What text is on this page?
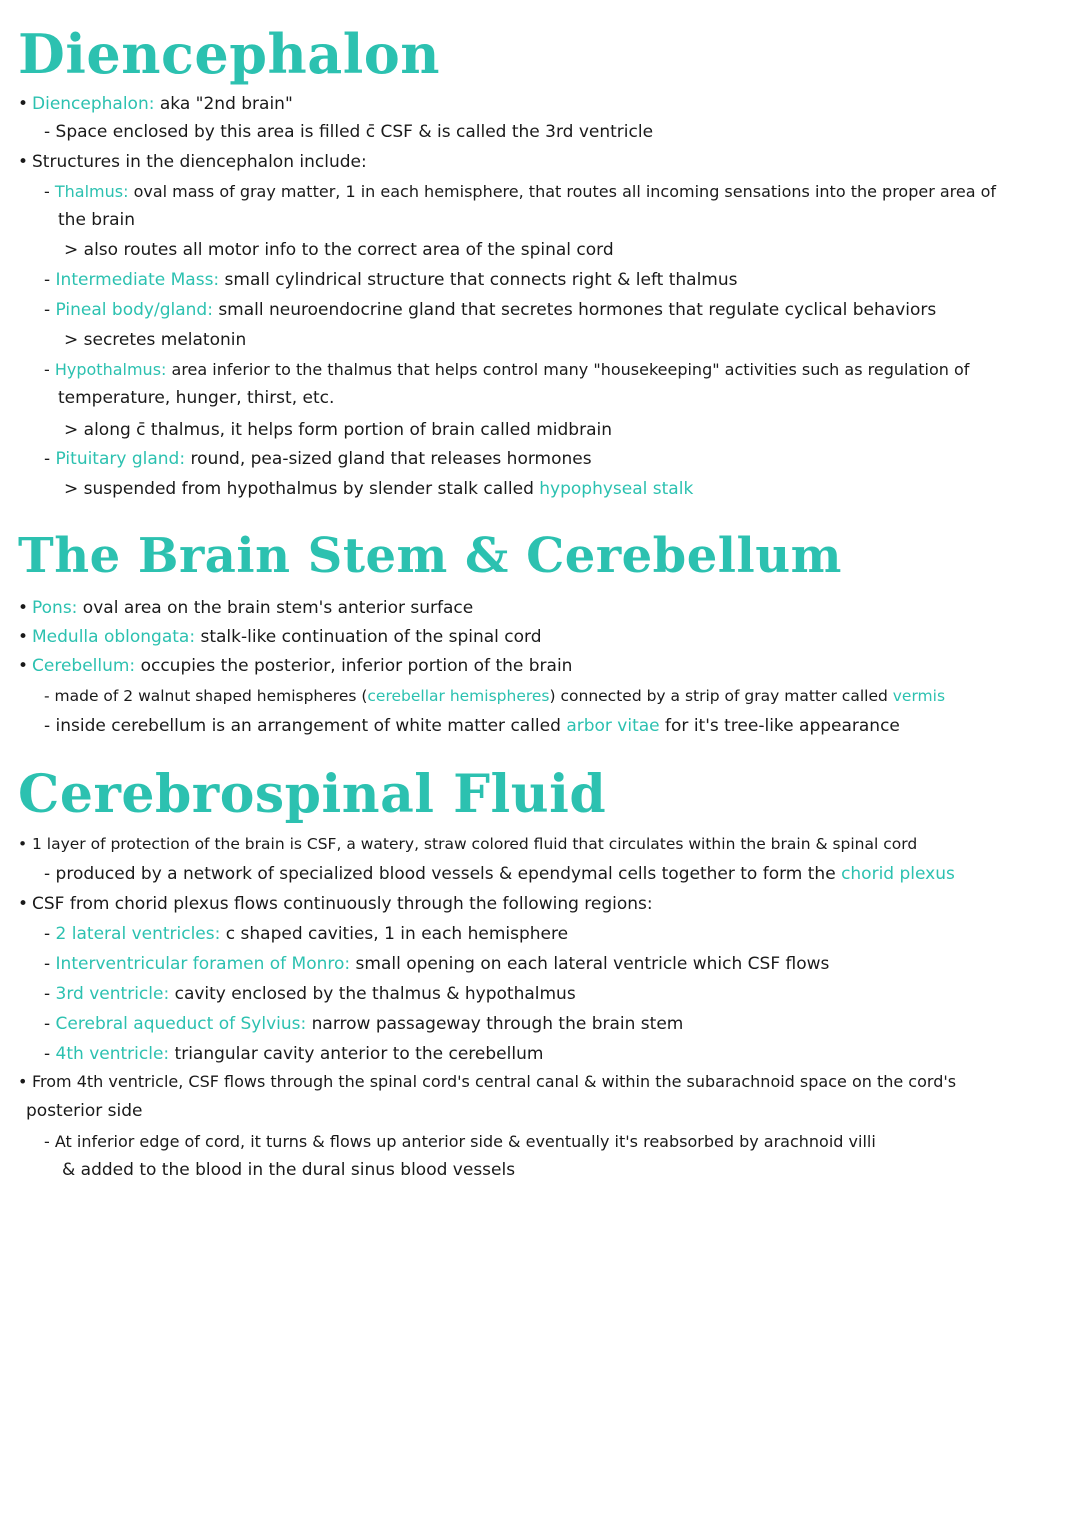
Diencephalon

• Diencephalon: aka "2nd brain"

- Space enclosed by this area is filled c̄ CSF & is called the 3rd ventricle

• Structures in the diencephalon include:

- Thalmus: oval mass of gray matter, 1 in each hemisphere, that routes all incoming sensations into the proper area of

the brain

> also routes all motor info to the correct area of the spinal cord

- Intermediate Mass: small cylindrical structure that connects right & left thalmus

- Pineal body/gland: small neuroendocrine gland that secretes hormones that regulate cyclical behaviors

> secretes melatonin

- Hypothalmus: area inferior to the thalmus that helps control many "housekeeping" activities such as regulation of

temperature, hunger, thirst, etc.

> along c̄ thalmus, it helps form portion of brain called midbrain

- Pituitary gland: round, pea-sized gland that releases hormones

> suspended from hypothalmus by slender stalk called hypophyseal stalk

The Brain Stem & Cerebellum

• Pons: oval area on the brain stem's anterior surface

• Medulla oblongata: stalk-like continuation of the spinal cord

• Cerebellum: occupies the posterior, inferior portion of the brain

- made of 2 walnut shaped hemispheres (cerebellar hemispheres) connected by a strip of gray matter called vermis

- inside cerebellum is an arrangement of white matter called arbor vitae for it's tree-like appearance

Cerebrospinal Fluid

• 1 layer of protection of the brain is CSF, a watery, straw colored fluid that circulates within the brain & spinal cord

- produced by a network of specialized blood vessels & ependymal cells together to form the chorid plexus

• CSF from chorid plexus flows continuously through the following regions:

- 2 lateral ventricles: c shaped cavities, 1 in each hemisphere

- Interventricular foramen of Monro: small opening on each lateral ventricle which CSF flows

- 3rd ventricle: cavity enclosed by the thalmus & hypothalmus

- Cerebral aqueduct of Sylvius: narrow passageway through the brain stem

- 4th ventricle: triangular cavity anterior to the cerebellum

• From 4th ventricle, CSF flows through the spinal cord's central canal & within the subarachnoid space on the cord's

posterior side

- At inferior edge of cord, it turns & flows up anterior side & eventually it's reabsorbed by arachnoid villi

& added to the blood in the dural sinus blood vessels
